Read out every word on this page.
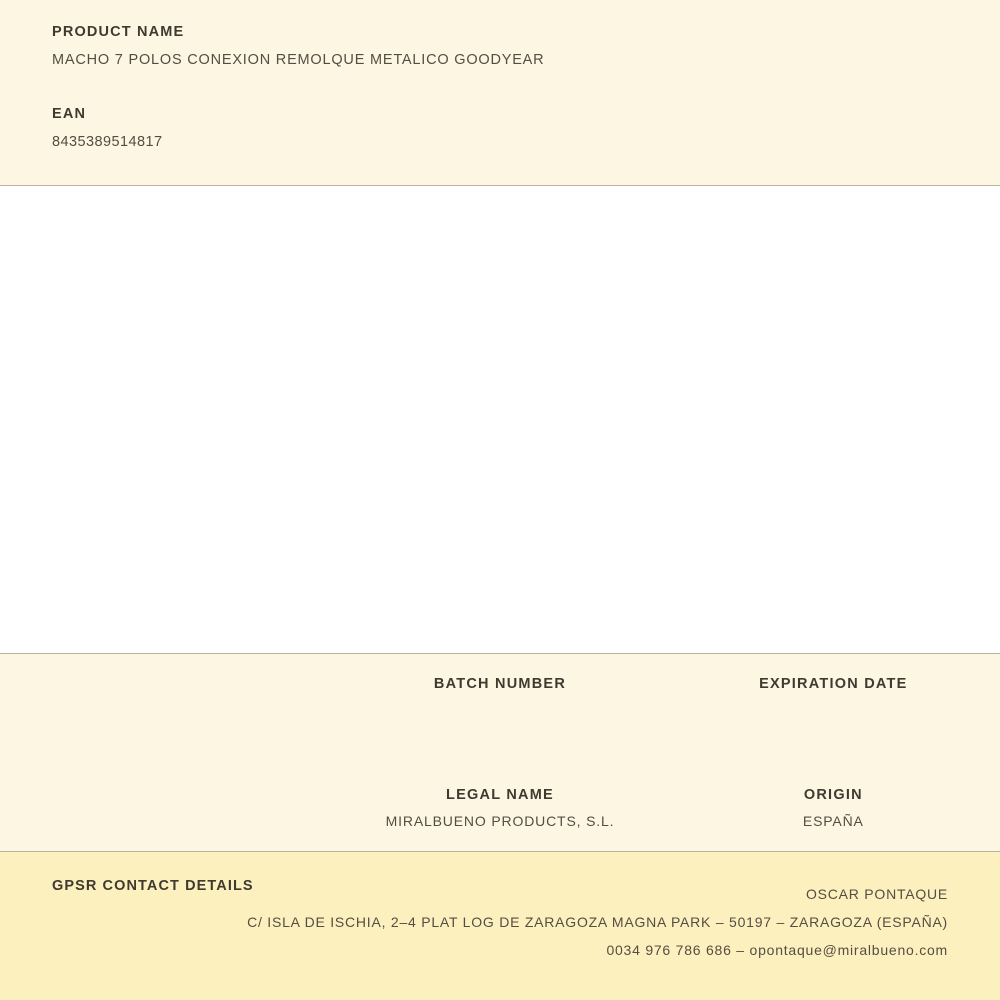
PRODUCT NAME

MACHO 7 POLOS CONEXION REMOLQUE METALICO GOODYEAR

EAN

8435389514817

BATCH NUMBER	EXPIRATION DATE

LEGAL NAME

MIRALBUENO PRODUCTS, S.L.

ORIGIN

ESPAÑA

GPSR CONTACT DETAILS	OSCAR PONTAQUE

C/ ISLA DE ISCHIA, 2–4 PLAT LOG DE ZARAGOZA MAGNA PARK – 50197 – ZARAGOZA (ESPAÑA)

0034 976 786 686 – opontaque@miralbueno.com
